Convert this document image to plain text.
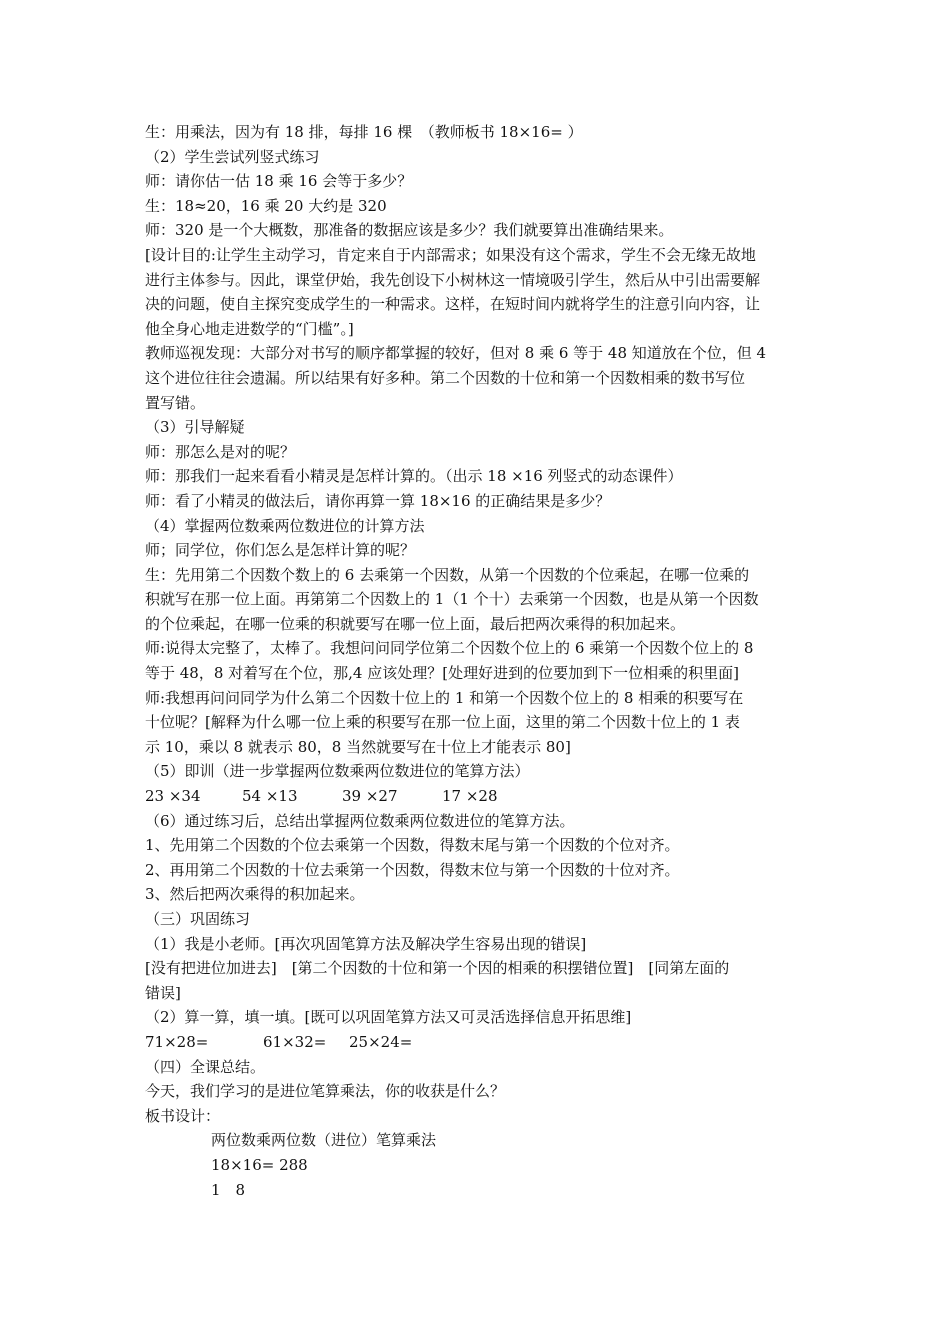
生：用乘法，因为有 18 排，每排 16 棵　（教师板书 18×16= ）
（2）学生尝试列竖式练习
师：请你估一估 18 乘 16 会等于多少？
生：18≈20，16 乘 20 大约是 320
师：320 是一个大概数，那准备的数据应该是多少？我们就要算出准确结果来。
[设计目的:让学生主动学习，肯定来自于内部需求；如果没有这个需求，学生不会无缘无故地
进行主体参与。因此，课堂伊始，我先创设下小树林这一情境吸引学生，然后从中引出需要解
决的问题，使自主探究变成学生的一种需求。这样，在短时间内就将学生的注意引向内容，让
他全身心地走进数学的“门槛”。]
教师巡视发现：大部分对书写的顺序都掌握的较好，但对 8 乘 6 等于 48 知道放在个位，但 4
这个进位往往会遗漏。所以结果有好多种。第二个因数的十位和第一个因数相乘的数书写位
置写错。
（3）引导解疑
师：那怎么是对的呢？
师：那我们一起来看看小精灵是怎样计算的。（出示 18 ×16 列竖式的动态课件）
师：看了小精灵的做法后，请你再算一算 18×16 的正确结果是多少？
（4）掌握两位数乘两位数进位的计算方法
师；同学位，你们怎么是怎样计算的呢？
生：先用第二个因数个数上的 6 去乘第一个因数，从第一个因数的个位乘起，在哪一位乘的
积就写在那一位上面。再第第二个因数上的 1（1 个十）去乘第一个因数，也是从第一个因数
的个位乘起，在哪一位乘的积就要写在哪一位上面，最后把两次乘得的积加起来。
师:说得太完整了，太棒了。我想问问同学位第二个因数个位上的 6 乘第一个因数个位上的 8
等于 48，8 对着写在个位，那,4 应该处理？[处理好进到的位要加到下一位相乘的积里面]
师:我想再问问同学为什么第二个因数十位上的 1 和第一个因数个位上的 8 相乘的积要写在
十位呢？[解释为什么哪一位上乘的积要写在那一位上面，这里的第二个因数十位上的 1 表
示 10，乘以 8 就表示 80，8 当然就要写在十位上才能表示 80]
（5）即训（进一步掌握两位数乘两位数进位的笔算方法）
23 ×34	54 ×13	39 ×27	17 ×28
（6）通过练习后，总结出掌握两位数乘两位数进位的笔算方法。
1、先用第二个因数的个位去乘第一个因数，得数末尾与第一个因数的个位对齐。
2、再用第二个因数的十位去乘第一个因数，得数末位与第一个因数的十位对齐。
3、然后把两次乘得的积加起来。
（三）巩固练习
（1）我是小老师。[再次巩固笔算方法及解决学生容易出现的错误]
[没有把进位加进去]　[第二个因数的十位和第一个因的相乘的积摆错位置]　[同第左面的
错误]
（2）算一算，填一填。[既可以巩固笔算方法又可灵活选择信息开拓思维]
71×28=	61×32=	25×24=
（四）全课总结。
今天，我们学习的是进位笔算乘法，你的收获是什么？
板书设计：
两位数乘两位数（进位）笔算乘法
18×16= 288
1　8
